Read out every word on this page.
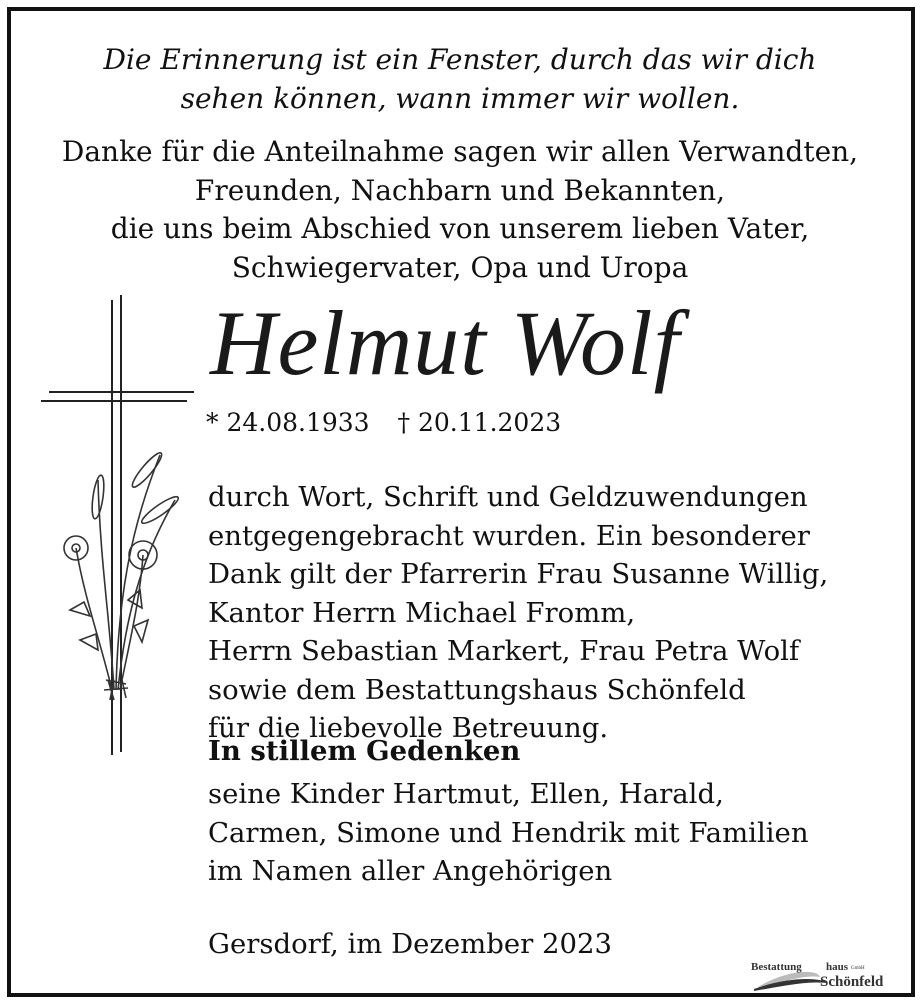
Die Erinnerung ist ein Fenster, durch das wir dich
sehen können, wann immer wir wollen.
Danke für die Anteilnahme sagen wir allen Verwandten,
Freunden, Nachbarn und Bekannten,
die uns beim Abschied von unserem lieben Vater,
Schwiegervater, Opa und Uropa
Helmut Wolf
* 24.08.1933 † 20.11.2023
durch Wort, Schrift und Geldzuwendungen
entgegengebracht wurden. Ein besonderer
Dank gilt der Pfarrerin Frau Susanne Willig,
Kantor Herrn Michael Fromm,
Herrn Sebastian Markert, Frau Petra Wolf
sowie dem Bestattungshaus Schönfeld
für die liebevolle Betreuung.
In stillem Gedenken
seine Kinder Hartmut, Ellen, Harald,
Carmen, Simone und Hendrik mit Familien
im Namen aller Angehörigen
Gersdorf, im Dezember 2023
Bestattung haus GmbH
Schönfeld
